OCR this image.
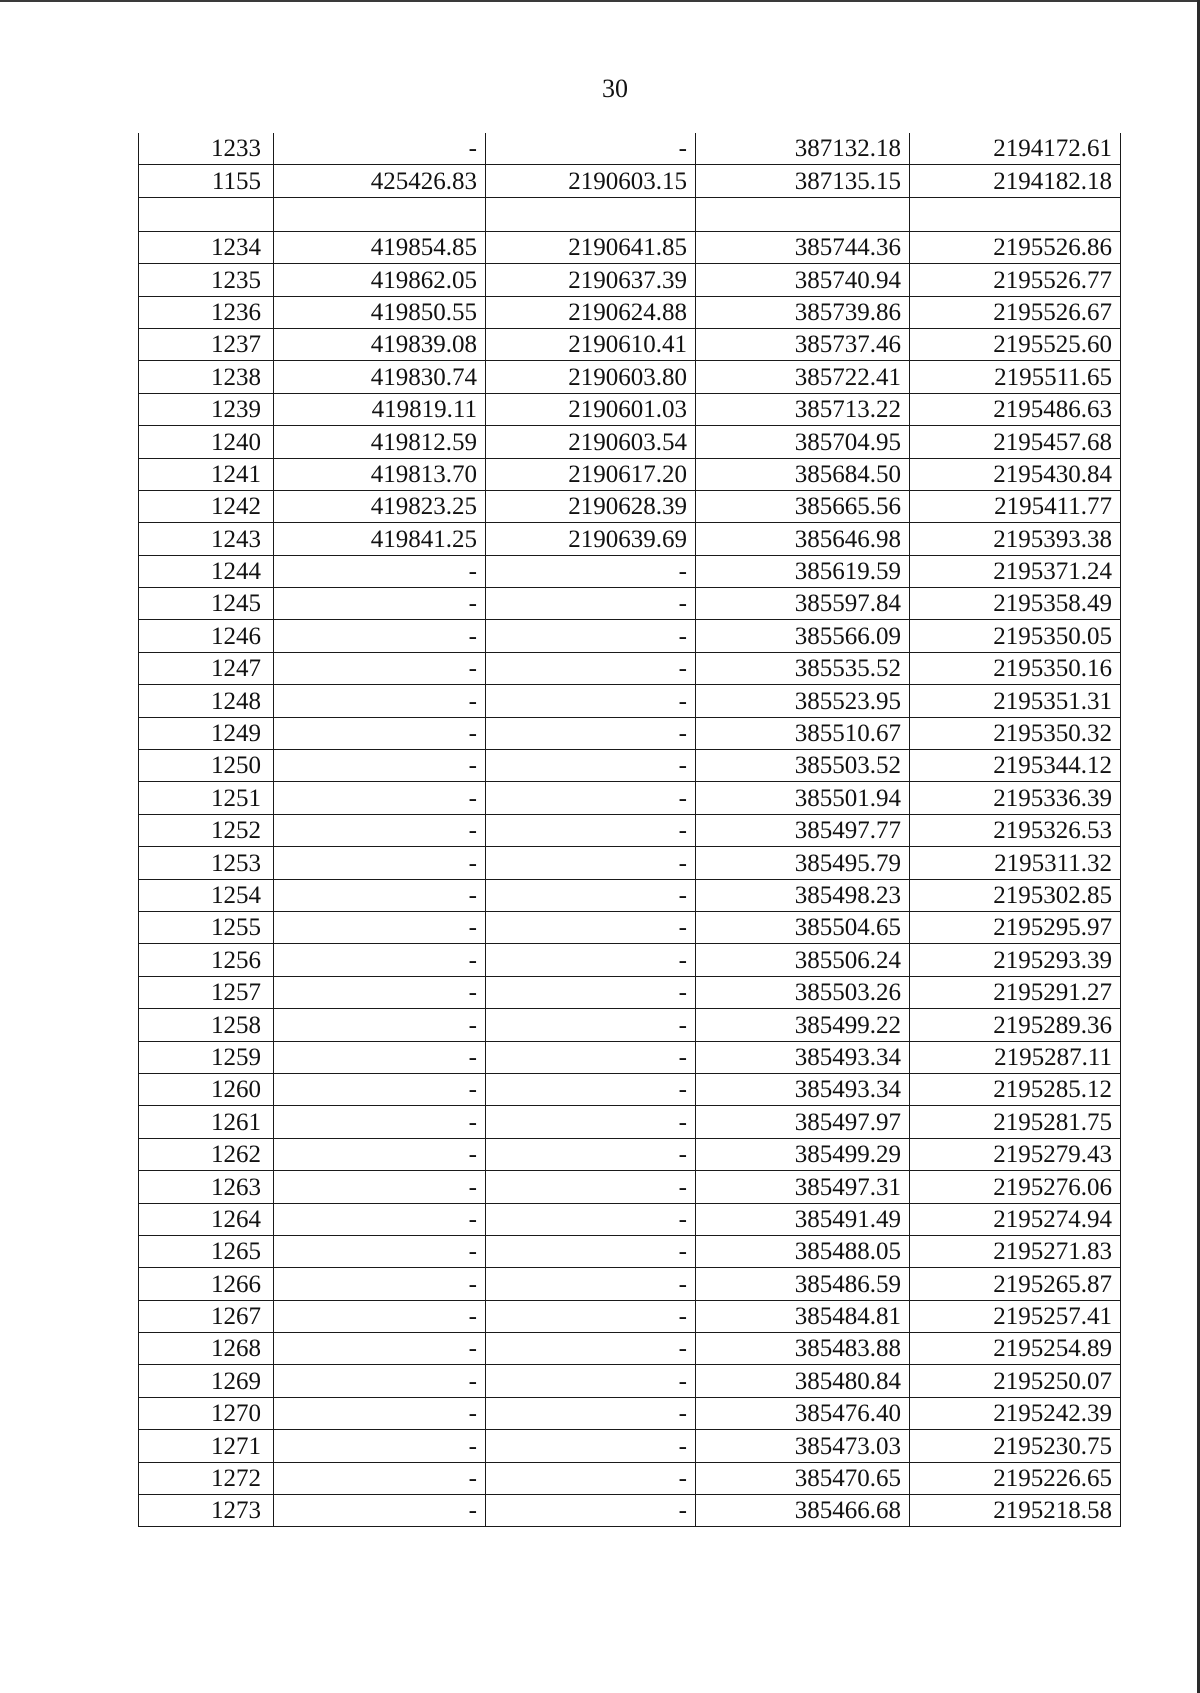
30
1233	-	-	387132.18	2194172.61
1155	425426.83	2190603.15	387135.15	2194182.18

1234	419854.85	2190641.85	385744.36	2195526.86
1235	419862.05	2190637.39	385740.94	2195526.77
1236	419850.55	2190624.88	385739.86	2195526.67
1237	419839.08	2190610.41	385737.46	2195525.60
1238	419830.74	2190603.80	385722.41	2195511.65
1239	419819.11	2190601.03	385713.22	2195486.63
1240	419812.59	2190603.54	385704.95	2195457.68
1241	419813.70	2190617.20	385684.50	2195430.84
1242	419823.25	2190628.39	385665.56	2195411.77
1243	419841.25	2190639.69	385646.98	2195393.38
1244	-	-	385619.59	2195371.24
1245	-	-	385597.84	2195358.49
1246	-	-	385566.09	2195350.05
1247	-	-	385535.52	2195350.16
1248	-	-	385523.95	2195351.31
1249	-	-	385510.67	2195350.32
1250	-	-	385503.52	2195344.12
1251	-	-	385501.94	2195336.39
1252	-	-	385497.77	2195326.53
1253	-	-	385495.79	2195311.32
1254	-	-	385498.23	2195302.85
1255	-	-	385504.65	2195295.97
1256	-	-	385506.24	2195293.39
1257	-	-	385503.26	2195291.27
1258	-	-	385499.22	2195289.36
1259	-	-	385493.34	2195287.11
1260	-	-	385493.34	2195285.12
1261	-	-	385497.97	2195281.75
1262	-	-	385499.29	2195279.43
1263	-	-	385497.31	2195276.06
1264	-	-	385491.49	2195274.94
1265	-	-	385488.05	2195271.83
1266	-	-	385486.59	2195265.87
1267	-	-	385484.81	2195257.41
1268	-	-	385483.88	2195254.89
1269	-	-	385480.84	2195250.07
1270	-	-	385476.40	2195242.39
1271	-	-	385473.03	2195230.75
1272	-	-	385470.65	2195226.65
1273	-	-	385466.68	2195218.58
